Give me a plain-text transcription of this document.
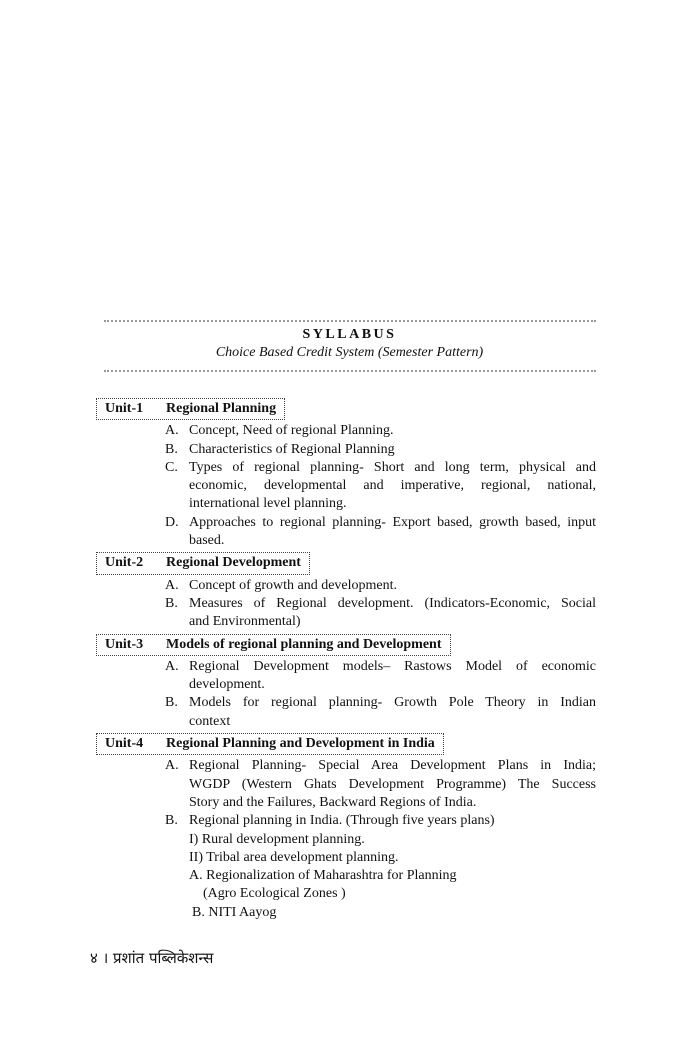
SYLLABUS
Choice Based Credit System (Semester Pattern)
Unit-1 Regional Planning
A. Concept, Need of regional Planning.
B. Characteristics of Regional Planning
C. Types of regional planning- Short and long term, physical and
economic, developmental and imperative, regional, national,
international level planning.
D. Approaches to regional planning- Export based, growth based, input
based.
Unit-2 Regional Development
A. Concept of growth and development.
B. Measures of Regional development. (Indicators-Economic, Social
and Environmental)
Unit-3 Models of regional planning and Development
A. Regional Development models– Rastows Model of economic
development.
B. Models for regional planning- Growth Pole Theory in Indian
context
Unit-4 Regional Planning and Development in India
A. Regional Planning- Special Area Development Plans in India;
WGDP (Western Ghats Development Programme) The Success
Story and the Failures, Backward Regions of India.
B. Regional planning in India. (Through five years plans)
I) Rural development planning.
II) Tribal area development planning.
A. Regionalization of Maharashtra for Planning
(Agro Ecological Zones )
B. NITI Aayog
४ । प्रशांत पब्लिकेशन्स
